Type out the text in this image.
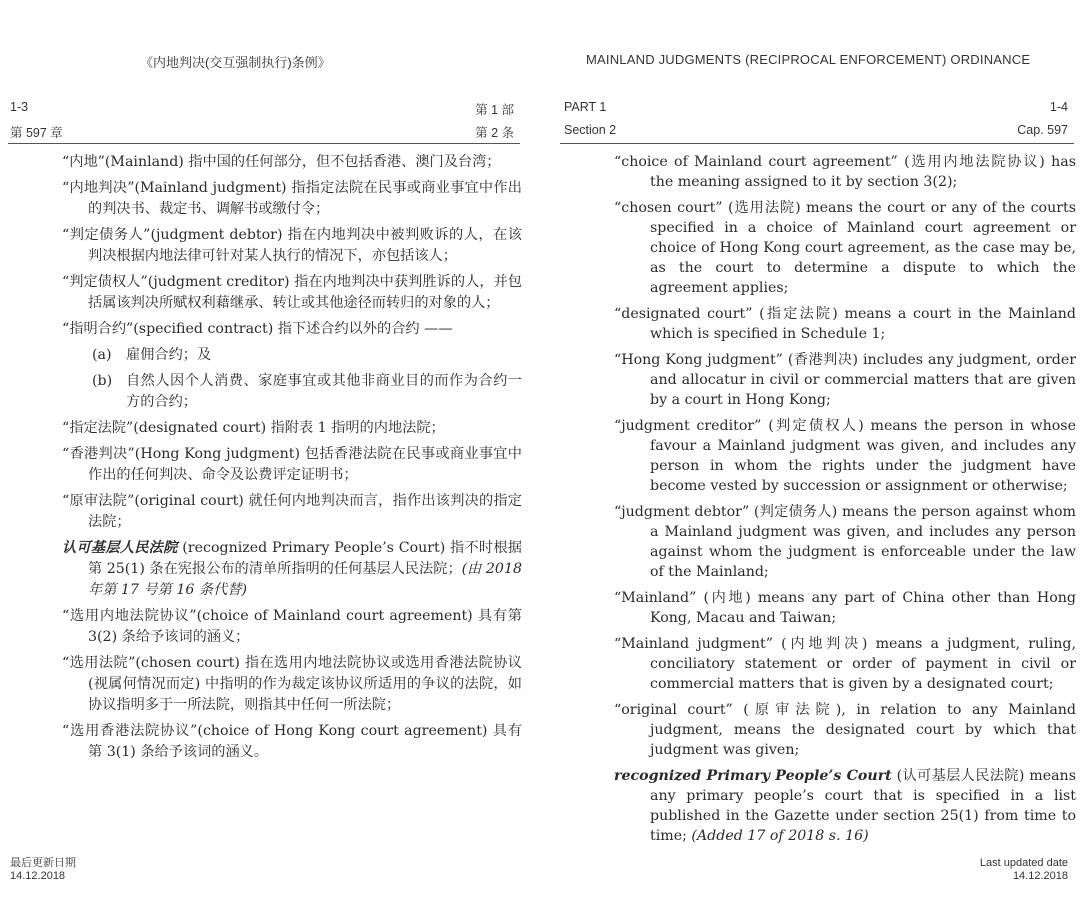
《内地判决(交互强制执行)条例》
1-3	第 1 部
第 597 章	第 2 条
“内地”(Mainland) 指中国的任何部分，但不包括香港、澳门及台湾；
“内地判决”(Mainland judgment) 指指定法院在民事或商业事宜中作出的判决书、裁定书、调解书或缴付令；
“判定债务人”(judgment debtor) 指在内地判决中被判败诉的人，在该判决根据内地法律可针对某人执行的情况下，亦包括该人；
“判定债权人”(judgment creditor) 指在内地判决中获判胜诉的人，并包括属该判决所赋权利藉继承、转让或其他途径而转归的对象的人；
“指明合约”(specified contract) 指下述合约以外的合约 ——
(a)	雇佣合约；及
(b) 自然人因个人消费、家庭事宜或其他非商业目的而作为合约一方的合约；
“指定法院”(designated court) 指附表 1 指明的内地法院；
“香港判决”(Hong Kong judgment) 包括香港法院在民事或商业事宜中作出的任何判决、命令及讼费评定证明书；
“原审法院”(original court) 就任何内地判决而言，指作出该判决的指定法院；
认可基层人民法院 (recognized Primary People’s Court) 指不时根据第 25(1) 条在宪报公布的清单所指明的任何基层人民法院；(由 2018 年第 17 号第 16 条代替)
“选用内地法院协议”(choice of Mainland court agreement) 具有第 3(2) 条给予该词的涵义；
“选用法院”(chosen court) 指在选用内地法院协议或选用香港法院协议 (视属何情况而定) 中指明的作为裁定该协议所适用的争议的法院，如协议指明多于一所法院，则指其中任何一所法院；
“选用香港法院协议”(choice of Hong Kong court agreement) 具有第 3(1) 条给予该词的涵义。
最后更新日期
14.12.2018
MAINLAND JUDGMENTS (RECIPROCAL ENFORCEMENT) ORDINANCE
PART 1	1-4
Section 2	Cap. 597
“choice of Mainland court agreement” (选用内地法院协议) has the meaning assigned to it by section 3(2);
“chosen court” (选用法院) means the court or any of the courts specified in a choice of Mainland court agreement or choice of Hong Kong court agreement, as the case may be, as the court to determine a dispute to which the agreement applies;
“designated court” (指定法院) means a court in the Mainland which is specified in Schedule 1;
“Hong Kong judgment” (香港判决) includes any judgment, order and allocatur in civil or commercial matters that are given by a court in Hong Kong;
“judgment creditor” (判定债权人) means the person in whose favour a Mainland judgment was given, and includes any person in whom the rights under the judgment have become vested by succession or assignment or otherwise;
“judgment debtor” (判定债务人) means the person against whom a Mainland judgment was given, and includes any person against whom the judgment is enforceable under the law of the Mainland;
“Mainland” (内地) means any part of China other than Hong Kong, Macau and Taiwan;
“Mainland judgment” (内地判决) means a judgment, ruling, conciliatory statement or order of payment in civil or commercial matters that is given by a designated court;
“original court” (原审法院), in relation to any Mainland judgment, means the designated court by which that judgment was given;
recognized Primary People’s Court (认可基层人民法院) means any primary people’s court that is specified in a list published in the Gazette under section 25(1) from time to time; (Added 17 of 2018 s. 16)
Last updated date
14.12.2018
